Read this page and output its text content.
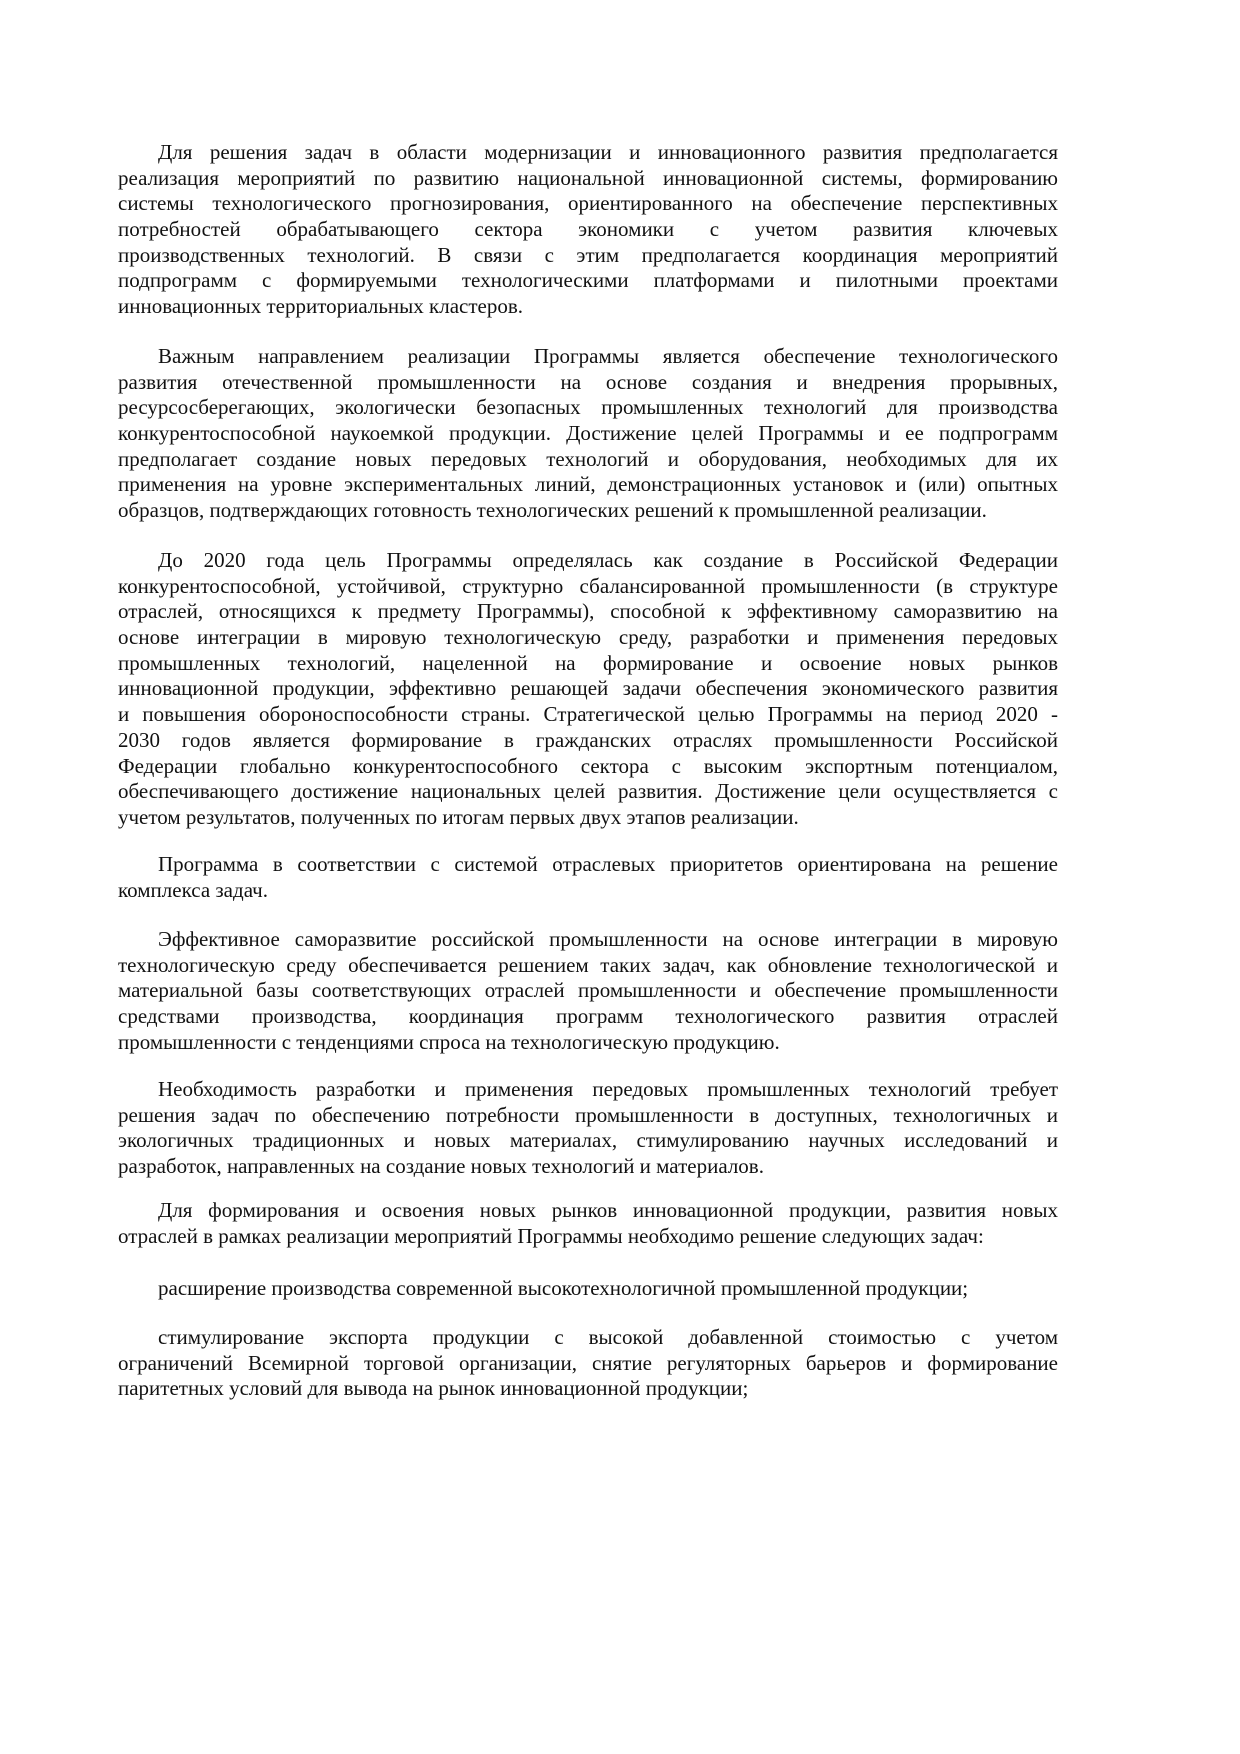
Для решения задач в области модернизации и инновационного развития предполагается
реализация мероприятий по развитию национальной инновационной системы, формированию
системы технологического прогнозирования, ориентированного на обеспечение перспективных
потребностей обрабатывающего сектора экономики с учетом развития ключевых
производственных технологий. В связи с этим предполагается координация мероприятий
подпрограмм с формируемыми технологическими платформами и пилотными проектами
инновационных территориальных кластеров.
Важным направлением реализации Программы является обеспечение технологического
развития отечественной промышленности на основе создания и внедрения прорывных,
ресурсосберегающих, экологически безопасных промышленных технологий для производства
конкурентоспособной наукоемкой продукции. Достижение целей Программы и ее подпрограмм
предполагает создание новых передовых технологий и оборудования, необходимых для их
применения на уровне экспериментальных линий, демонстрационных установок и (или) опытных
образцов, подтверждающих готовность технологических решений к промышленной реализации.
До 2020 года цель Программы определялась как создание в Российской Федерации
конкурентоспособной, устойчивой, структурно сбалансированной промышленности (в структуре
отраслей, относящихся к предмету Программы), способной к эффективному саморазвитию на
основе интеграции в мировую технологическую среду, разработки и применения передовых
промышленных технологий, нацеленной на формирование и освоение новых рынков
инновационной продукции, эффективно решающей задачи обеспечения экономического развития
и повышения обороноспособности страны. Стратегической целью Программы на период 2020 -
2030 годов является формирование в гражданских отраслях промышленности Российской
Федерации глобально конкурентоспособного сектора с высоким экспортным потенциалом,
обеспечивающего достижение национальных целей развития. Достижение цели осуществляется с
учетом результатов, полученных по итогам первых двух этапов реализации.
Программа в соответствии с системой отраслевых приоритетов ориентирована на решение
комплекса задач.
Эффективное саморазвитие российской промышленности на основе интеграции в мировую
технологическую среду обеспечивается решением таких задач, как обновление технологической и
материальной базы соответствующих отраслей промышленности и обеспечение промышленности
средствами производства, координация программ технологического развития отраслей
промышленности с тенденциями спроса на технологическую продукцию.
Необходимость разработки и применения передовых промышленных технологий требует
решения задач по обеспечению потребности промышленности в доступных, технологичных и
экологичных традиционных и новых материалах, стимулированию научных исследований и
разработок, направленных на создание новых технологий и материалов.
Для формирования и освоения новых рынков инновационной продукции, развития новых
отраслей в рамках реализации мероприятий Программы необходимо решение следующих задач:
расширение производства современной высокотехнологичной промышленной продукции;
стимулирование экспорта продукции с высокой добавленной стоимостью с учетом
ограничений Всемирной торговой организации, снятие регуляторных барьеров и формирование
паритетных условий для вывода на рынок инновационной продукции;
